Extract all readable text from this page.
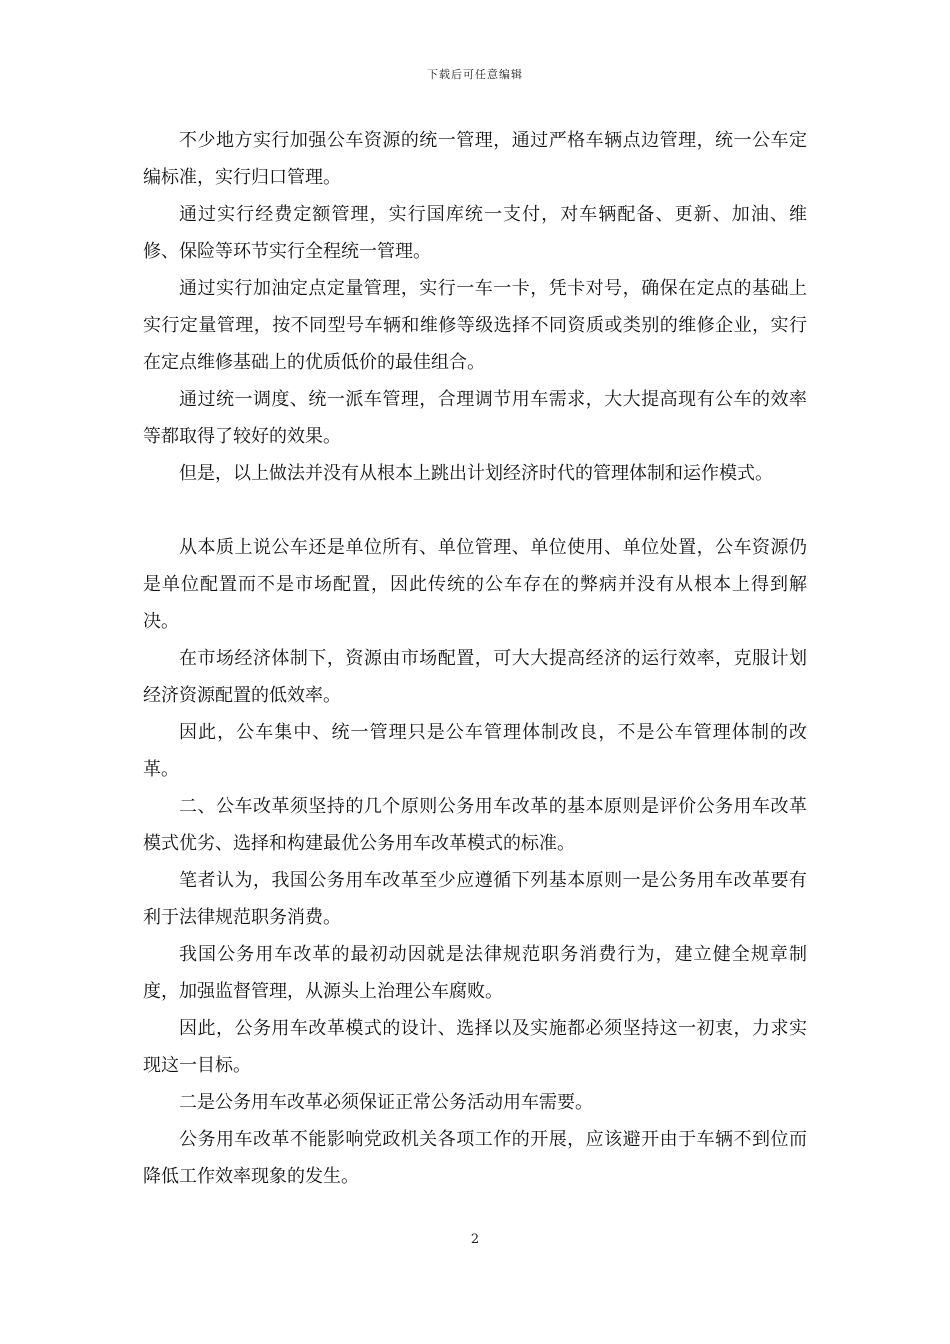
下载后可任意编辑

不少地方实行加强公车资源的统一管理，通过严格车辆点边管理，统一公车定编标准，实行归口管理。

通过实行经费定额管理，实行国库统一支付，对车辆配备、更新、加油、维修、保险等环节实行全程统一管理。

通过实行加油定点定量管理，实行一车一卡，凭卡对号，确保在定点的基础上实行定量管理，按不同型号车辆和维修等级选择不同资质或类别的维修企业，实行在定点维修基础上的优质低价的最佳组合。

通过统一调度、统一派车管理，合理调节用车需求，大大提高现有公车的效率等都取得了较好的效果。

但是，以上做法并没有从根本上跳出计划经济时代的管理体制和运作模式。

从本质上说公车还是单位所有、单位管理、单位使用、单位处置，公车资源仍是单位配置而不是市场配置，因此传统的公车存在的弊病并没有从根本上得到解决。

在市场经济体制下，资源由市场配置，可大大提高经济的运行效率，克服计划经济资源配置的低效率。

因此，公车集中、统一管理只是公车管理体制改良，不是公车管理体制的改革。

二、公车改革须坚持的几个原则公务用车改革的基本原则是评价公务用车改革模式优劣、选择和构建最优公务用车改革模式的标准。

笔者认为，我国公务用车改革至少应遵循下列基本原则一是公务用车改革要有利于法律规范职务消费。

我国公务用车改革的最初动因就是法律规范职务消费行为，建立健全规章制度，加强监督管理，从源头上治理公车腐败。

因此，公务用车改革模式的设计、选择以及实施都必须坚持这一初衷，力求实现这一目标。

二是公务用车改革必须保证正常公务活动用车需要。

公务用车改革不能影响党政机关各项工作的开展，应该避开由于车辆不到位而降低工作效率现象的发生。

2
